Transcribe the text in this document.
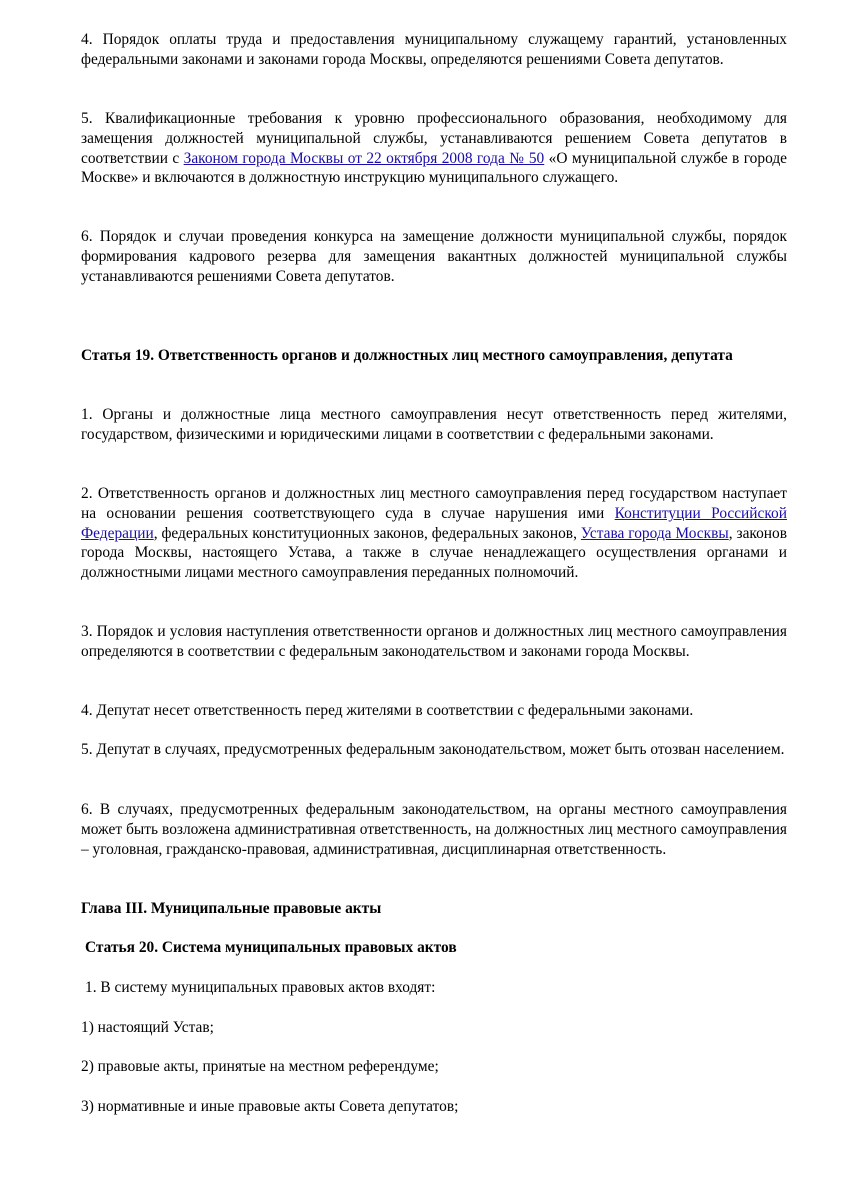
4. Порядок оплаты труда и предоставления муниципальному служащему гарантий, установленных федеральными законами и законами города Москвы, определяются решениями Совета депутатов.

5. Квалификационные требования к уровню профессионального образования, необходимому для замещения должностей муниципальной службы, устанавливаются решением Совета депутатов в соответствии с Законом города Москвы от 22 октября 2008 года № 50 «О муниципальной службе в городе Москве» и включаются в должностную инструкцию муниципального служащего.

6. Порядок и случаи проведения конкурса на замещение должности муниципальной службы, порядок формирования кадрового резерва для замещения вакантных должностей муниципальной службы устанавливаются решениями Совета депутатов.

Статья 19. Ответственность органов и должностных лиц местного самоуправления, депутата

1. Органы и должностные лица местного самоуправления несут ответственность перед жителями, государством, физическими и юридическими лицами в соответствии с федеральными законами.

2. Ответственность органов и должностных лиц местного самоуправления перед государством наступает на основании решения соответствующего суда в случае нарушения ими Конституции Российской Федерации, федеральных конституционных законов, федеральных законов, Устава города Москвы, законов города Москвы, настоящего Устава, а также в случае ненадлежащего осуществления органами и должностными лицами местного самоуправления переданных полномочий.

3. Порядок и условия наступления ответственности органов и должностных лиц местного самоуправления определяются в соответствии с федеральным законодательством и законами города Москвы.

4. Депутат несет ответственность перед жителями в соответствии с федеральными законами.

5. Депутат в случаях, предусмотренных федеральным законодательством, может быть отозван населением.

6. В случаях, предусмотренных федеральным законодательством, на органы местного самоуправления может быть возложена административная ответственность, на должностных лиц местного самоуправления – уголовная, гражданско-правовая, административная, дисциплинарная ответственность.

Глава III. Муниципальные правовые акты

Статья 20. Система муниципальных правовых актов

1. В систему муниципальных правовых актов входят:

1) настоящий Устав;

2) правовые акты, принятые на местном референдуме;

3) нормативные и иные правовые акты Совета депутатов;
